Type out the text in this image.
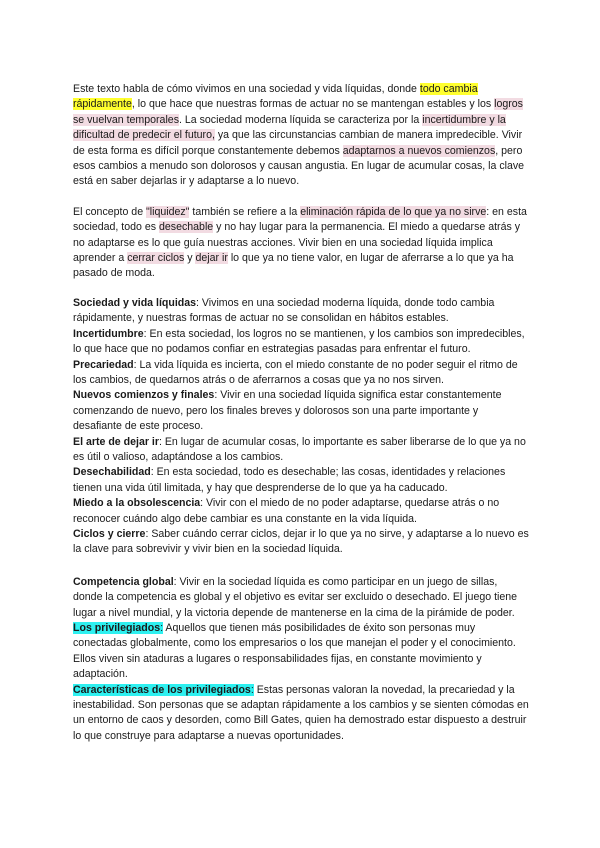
Este texto habla de cómo vivimos en una sociedad y vida líquidas, donde todo cambia rápidamente, lo que hace que nuestras formas de actuar no se mantengan estables y los logros se vuelvan temporales. La sociedad moderna líquida se caracteriza por la incertidumbre y la dificultad de predecir el futuro, ya que las circunstancias cambian de manera impredecible. Vivir de esta forma es difícil porque constantemente debemos adaptarnos a nuevos comienzos, pero esos cambios a menudo son dolorosos y causan angustia. En lugar de acumular cosas, la clave está en saber dejarlas ir y adaptarse a lo nuevo.

El concepto de "liquidez" también se refiere a la eliminación rápida de lo que ya no sirve: en esta sociedad, todo es desechable y no hay lugar para la permanencia. El miedo a quedarse atrás y no adaptarse es lo que guía nuestras acciones. Vivir bien en una sociedad líquida implica aprender a cerrar ciclos y dejar ir lo que ya no tiene valor, en lugar de aferrarse a lo que ya ha pasado de moda.

Sociedad y vida líquidas: Vivimos en una sociedad moderna líquida, donde todo cambia rápidamente, y nuestras formas de actuar no se consolidan en hábitos estables.

Incertidumbre: En esta sociedad, los logros no se mantienen, y los cambios son impredecibles, lo que hace que no podamos confiar en estrategias pasadas para enfrentar el futuro.

Precariedad: La vida líquida es incierta, con el miedo constante de no poder seguir el ritmo de los cambios, de quedarnos atrás o de aferrarnos a cosas que ya no nos sirven.

Nuevos comienzos y finales: Vivir en una sociedad líquida significa estar constantemente comenzando de nuevo, pero los finales breves y dolorosos son una parte importante y desafiante de este proceso.

El arte de dejar ir: En lugar de acumular cosas, lo importante es saber liberarse de lo que ya no es útil o valioso, adaptándose a los cambios.

Desechabilidad: En esta sociedad, todo es desechable; las cosas, identidades y relaciones tienen una vida útil limitada, y hay que desprenderse de lo que ya ha caducado.

Miedo a la obsolescencia: Vivir con el miedo de no poder adaptarse, quedarse atrás o no reconocer cuándo algo debe cambiar es una constante en la vida líquida.

Ciclos y cierre: Saber cuándo cerrar ciclos, dejar ir lo que ya no sirve, y adaptarse a lo nuevo es la clave para sobrevivir y vivir bien en la sociedad líquida.

Competencia global: Vivir en la sociedad líquida es como participar en un juego de sillas, donde la competencia es global y el objetivo es evitar ser excluido o desechado. El juego tiene lugar a nivel mundial, y la victoria depende de mantenerse en la cima de la pirámide de poder.

Los privilegiados: Aquellos que tienen más posibilidades de éxito son personas muy conectadas globalmente, como los empresarios o los que manejan el poder y el conocimiento. Ellos viven sin ataduras a lugares o responsabilidades fijas, en constante movimiento y adaptación.

Características de los privilegiados: Estas personas valoran la novedad, la precariedad y la inestabilidad. Son personas que se adaptan rápidamente a los cambios y se sienten cómodas en un entorno de caos y desorden, como Bill Gates, quien ha demostrado estar dispuesto a destruir lo que construye para adaptarse a nuevas oportunidades.
